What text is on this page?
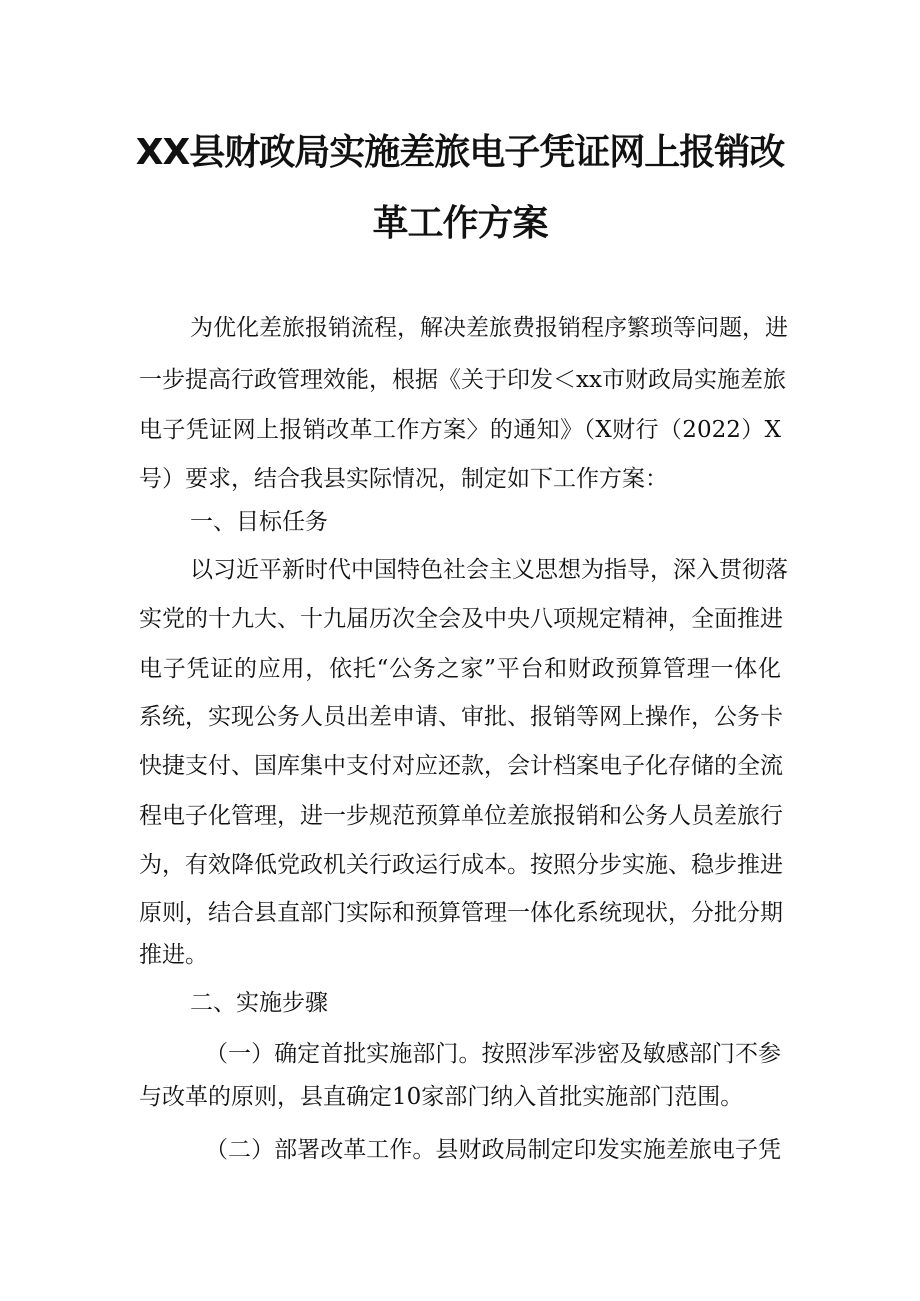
XX县财政局实施差旅电子凭证网上报销改
革工作方案
为优化差旅报销流程，解决差旅费报销程序繁琐等问题，进
一步提高行政管理效能，根据《关于印发＜xx市财政局实施差旅
电子凭证网上报销改革工作方案〉的通知》（X财行（2022）X
号）要求，结合我县实际情况，制定如下工作方案：
一、目标任务
以习近平新时代中国特色社会主义思想为指导，深入贯彻落
实党的十九大、十九届历次全会及中央八项规定精神，全面推进
电子凭证的应用，依托“公务之家”平台和财政预算管理一体化
系统，实现公务人员出差申请、审批、报销等网上操作，公务卡
快捷支付、国库集中支付对应还款，会计档案电子化存储的全流
程电子化管理，进一步规范预算单位差旅报销和公务人员差旅行
为，有效降低党政机关行政运行成本。按照分步实施、稳步推进
原则，结合县直部门实际和预算管理一体化系统现状，分批分期
推进。
二、实施步骤
（一）确定首批实施部门。按照涉军涉密及敏感部门不参
与改革的原则，县直确定10家部门纳入首批实施部门范围。
（二）部署改革工作。县财政局制定印发实施差旅电子凭
